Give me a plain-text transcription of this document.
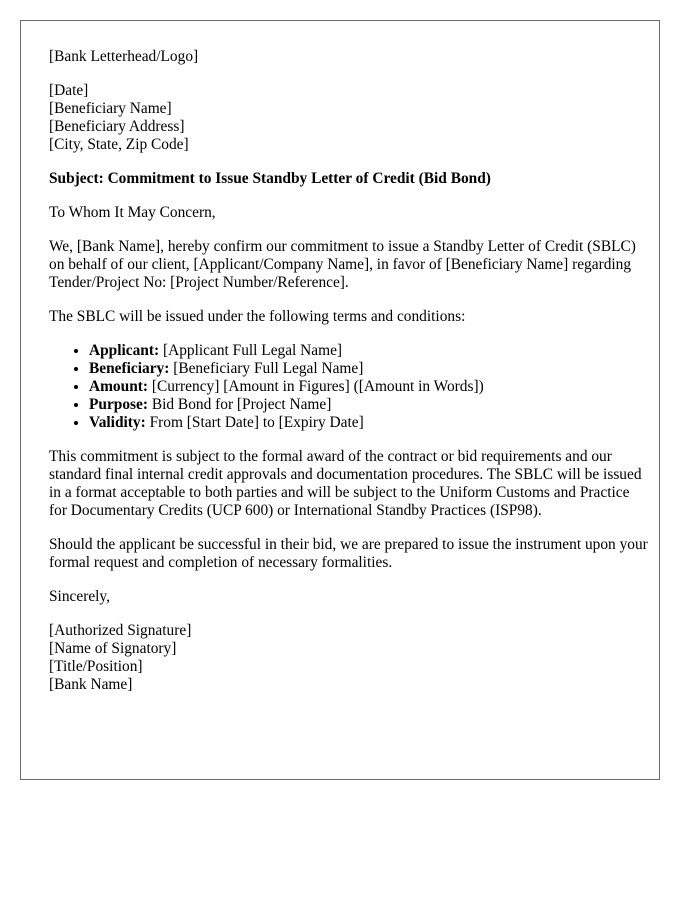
[Bank Letterhead/Logo]

[Date]
[Beneficiary Name]
[Beneficiary Address]
[City, State, Zip Code]

Subject: Commitment to Issue Standby Letter of Credit (Bid Bond)

To Whom It May Concern,

We, [Bank Name], hereby confirm our commitment to issue a Standby Letter of Credit (SBLC) on behalf of our client, [Applicant/Company Name], in favor of [Beneficiary Name] regarding Tender/Project No: [Project Number/Reference].

The SBLC will be issued under the following terms and conditions:

• Applicant: [Applicant Full Legal Name]
• Beneficiary: [Beneficiary Full Legal Name]
• Amount: [Currency] [Amount in Figures] ([Amount in Words])
• Purpose: Bid Bond for [Project Name]
• Validity: From [Start Date] to [Expiry Date]

This commitment is subject to the formal award of the contract or bid requirements and our standard final internal credit approvals and documentation procedures. The SBLC will be issued in a format acceptable to both parties and will be subject to the Uniform Customs and Practice for Documentary Credits (UCP 600) or International Standby Practices (ISP98).

Should the applicant be successful in their bid, we are prepared to issue the instrument upon your formal request and completion of necessary formalities.

Sincerely,

[Authorized Signature]
[Name of Signatory]
[Title/Position]
[Bank Name]
